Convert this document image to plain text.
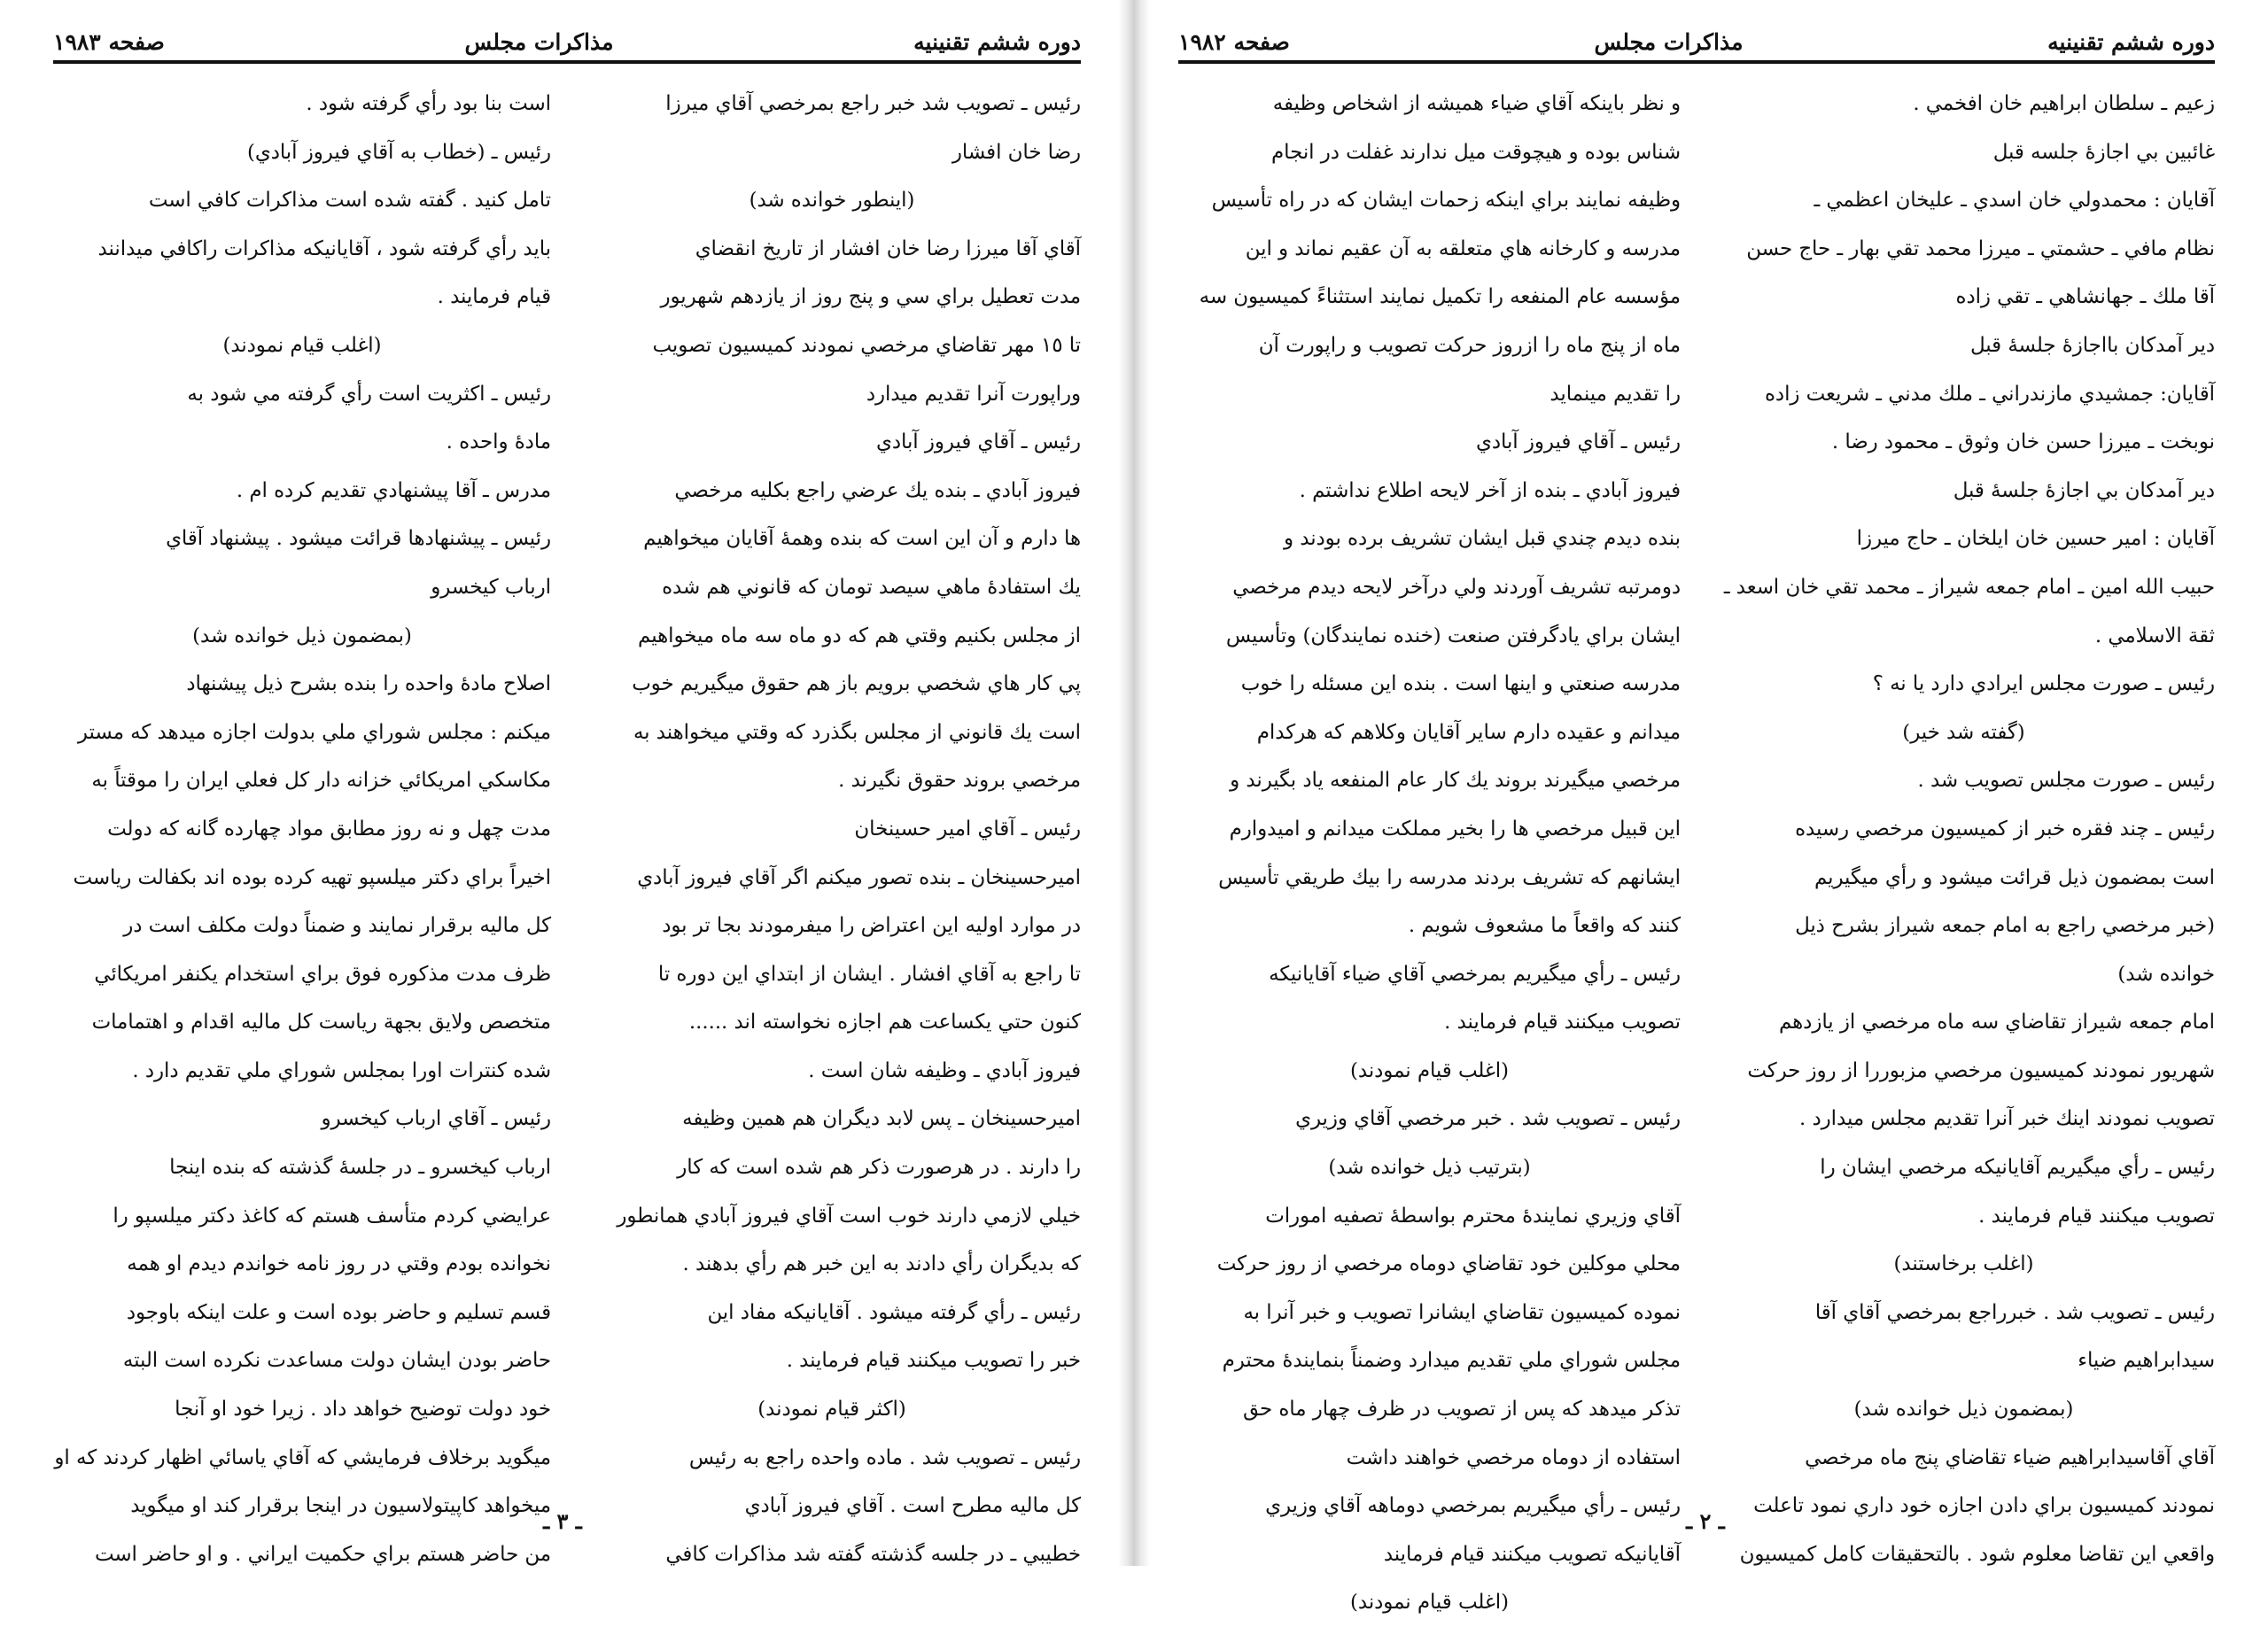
دوره ششم تقنينيه
مذاكرات مجلس
صفحه ١٩٨٣

رئيس ـ تصويب شد خبر راجع بمرخصي آقاي ميرزا

رضا خان افشار

(اينطور خوانده شد)

آقاي آقا ميرزا رضا خان افشار از تاريخ انقضاي

مدت تعطيل براي سي و پنج روز از يازدهم شهريور

تا ١٥ مهر تقاضاي مرخصي نمودند كميسيون تصويب

وراپورت آنرا تقديم ميدارد

رئيس ـ آقاي فيروز آبادي

فيروز آبادي ـ بنده يك عرضي راجع بكليه مرخصي

ها دارم و آن اين است كه بنده وهمهٔ آقايان ميخواهيم

يك استفادهٔ ماهي سيصد تومان كه قانوني هم شده

از مجلس بكنيم وقتي هم كه دو ماه سه ماه ميخواهيم

پي كار هاي شخصي برويم باز هم حقوق ميگيريم خوب

است يك قانوني از مجلس بگذرد كه وقتي ميخواهند به

مرخصي بروند حقوق نگيرند .

رئيس ـ آقاي امير حسينخان

اميرحسينخان ـ بنده تصور ميكنم اگر آقاي فيروز آبادي

در موارد اوليه اين اعتراض را ميفرمودند بجا تر بود

تا راجع به آقاي افشار . ايشان از ابتداي اين دوره تا

كنون حتي يكساعت هم اجازه نخواسته اند ......

فيروز آبادي ـ وظيفه شان است .

اميرحسينخان ـ پس لابد ديگران هم همين وظيفه

را دارند . در هرصورت ذكر هم شده است كه كار

خيلي لازمي دارند خوب است آقاي فيروز آبادي همانطور

كه بديگران رأي دادند به اين خبر هم رأي بدهند .

رئيس ـ رأي گرفته ميشود . آقايانيكه مفاد اين

خبر را تصويب ميكنند قيام فرمايند .

(اكثر قيام نمودند)

رئيس ـ تصويب شد . ماده واحده راجع به رئيس

كل ماليه مطرح است . آقاي فيروز آبادي

خطيبي ـ در جلسه گذشته گفته شد مذاكرات كافي

است بنا بود رأي گرفته شود .

رئيس ـ (خطاب به آقاي فيروز آبادي)

تامل كنيد . گفته شده است مذاكرات كافي است

بايد رأي گرفته شود ، آقايانيكه مذاكرات راكافي ميدانند

قيام فرمايند .

(اغلب قيام نمودند)

رئيس ـ اكثريت است رأي گرفته مي شود به

مادهٔ واحده .

مدرس ـ آقا پيشنهادي تقديم كرده ام .

رئيس ـ پيشنهادها قرائت ميشود . پيشنهاد آقاي

ارباب كيخسرو

(بمضمون ذيل خوانده شد)

اصلاح مادهٔ واحده را بنده بشرح ذيل پيشنهاد

ميكنم : مجلس شوراي ملي بدولت اجازه ميدهد كه مستر

مكاسكي امريكائي خزانه دار كل فعلي ايران را موقتاً به

مدت چهل و نه روز مطابق مواد چهارده گانه كه دولت

اخيراً براي دكتر ميلسپو تهيه كرده بوده اند بكفالت رياست

كل ماليه برقرار نمايند و ضمناً دولت مكلف است در

ظرف مدت مذكوره فوق براي استخدام يكنفر امريكائي

متخصص ولايق بجهة رياست كل ماليه اقدام و اهتمامات

شده كنترات اورا بمجلس شوراي ملي تقديم دارد .

رئيس ـ آقاي ارباب كيخسرو

ارباب كيخسرو ـ در جلسهٔ گذشته كه بنده اينجا

عرايضي كردم متأسف هستم كه كاغذ دكتر ميلسپو را

نخوانده بودم وقتي در روز نامه خواندم ديدم او همه

قسم تسليم و حاضر بوده است و علت اينكه باوجود

حاضر بودن ايشان دولت مساعدت نكرده است البته

خود دولت توضيح خواهد داد . زيرا خود او آنجا

ميگويد برخلاف فرمايشي كه آقاي ياسائي اظهار كردند كه او

ميخواهد كاپيتولاسيون در اينجا برقرار كند او ميگويد

من حاضر هستم براي حكميت ايراني . و او حاضر است

ـ ٣ ـ
دوره ششم تقنينيه
مذاكرات مجلس
صفحه ١٩٨٢

زعيم ـ سلطان ابراهيم خان افخمي .

غائبين بي اجازهٔ جلسه قبل

آقايان : محمدولي خان اسدي ـ عليخان اعظمي ـ

نظام مافي ـ حشمتي ـ ميرزا محمد تقي بهار ـ حاج حسن

آقا ملك ـ جهانشاهي ـ تقي زاده

دير آمدكان بااجازهٔ جلسهٔ قبل

آقايان: جمشيدي مازندراني ـ ملك مدني ـ شريعت زاده

نوبخت ـ ميرزا حسن خان وثوق ـ محمود رضا .

دير آمدكان بي اجازهٔ جلسهٔ قبل

آقايان : امير حسين خان ايلخان ـ حاج ميرزا

حبيب الله امين ـ امام جمعه شيراز ـ محمد تقي خان اسعد ـ

ثقة الاسلامي .

رئيس ـ صورت مجلس ايرادي دارد يا نه ؟

(گفته شد خير)

رئيس ـ صورت مجلس تصويب شد .

رئيس ـ چند فقره خبر از كميسيون مرخصي رسيده

است بمضمون ذيل قرائت ميشود و رأي ميگيريم

(خبر مرخصي راجع به امام جمعه شيراز بشرح ذيل

خوانده شد)

امام جمعه شيراز تقاضاي سه ماه مرخصي از يازدهم

شهريور نمودند كميسيون مرخصي مزبوررا از روز حركت

تصويب نمودند اينك خبر آنرا تقديم مجلس ميدارد .

رئيس ـ رأي ميگيريم آقايانيكه مرخصي ايشان را

تصويب ميكنند قيام فرمايند .

(اغلب برخاستند)

رئيس ـ تصويب شد . خبرراجع بمرخصي آقاي آقا

سيدابراهيم ضياء

(بمضمون ذيل خوانده شد)

آقاي آقاسيدابراهيم ضياء تقاضاي پنج ماه مرخصي

نمودند كميسيون براي دادن اجازه خود داري نمود تاعلت

واقعي اين تقاضا معلوم شود . بالتحقيقات كامل كميسيون

و نظر باينكه آقاي ضياء هميشه از اشخاص وظيفه

شناس بوده و هيچوقت ميل ندارند غفلت در انجام

وظيفه نمايند براي اينكه زحمات ايشان كه در راه تأسيس

مدرسه و كارخانه هاي متعلقه به آن عقيم نماند و اين

مؤسسه عام المنفعه را تكميل نمايند استثناءً كميسيون سه

ماه از پنج ماه را ازروز حركت تصويب و راپورت آن

را تقديم مينمايد

رئيس ـ آقاي فيروز آبادي

فيروز آبادي ـ بنده از آخر لايحه اطلاع نداشتم .

بنده ديدم چندي قبل ايشان تشريف برده بودند و

دومرتبه تشريف آوردند ولي درآخر لايحه ديدم مرخصي

ايشان براي يادگرفتن صنعت (خنده نمايندگان) وتأسيس

مدرسه صنعتي و اينها است . بنده اين مسئله را خوب

ميدانم و عقيده دارم ساير آقايان وكلاهم كه هركدام

مرخصي ميگيرند بروند يك كار عام المنفعه ياد بگيرند و

اين قبيل مرخصي ها را بخير مملكت ميدانم و اميدوارم

ايشانهم كه تشريف بردند مدرسه را بيك طريقي تأسيس

كنند كه واقعاً ما مشعوف شويم .

رئيس ـ رأي ميگيريم بمرخصي آقاي ضياء آقايانيكه

تصويب ميكنند قيام فرمايند .

(اغلب قيام نمودند)

رئيس ـ تصويب شد . خبر مرخصي آقاي وزيري

(بترتيب ذيل خوانده شد)

آقاي وزيري نمايندهٔ محترم بواسطهٔ تصفيه امورات

محلي موكلين خود تقاضاي دوماه مرخصي از روز حركت

نموده كميسيون تقاضاي ايشانرا تصويب و خبر آنرا به

مجلس شوراي ملي تقديم ميدارد وضمناً بنمايندهٔ محترم

تذكر ميدهد كه پس از تصويب در ظرف چهار ماه حق

استفاده از دوماه مرخصي خواهند داشت

رئيس ـ رأي ميگيريم بمرخصي دوماهه آقاي وزيري

آقايانيكه تصويب ميكنند قيام فرمايند

(اغلب قيام نمودند)

ـ ٢ ـ
